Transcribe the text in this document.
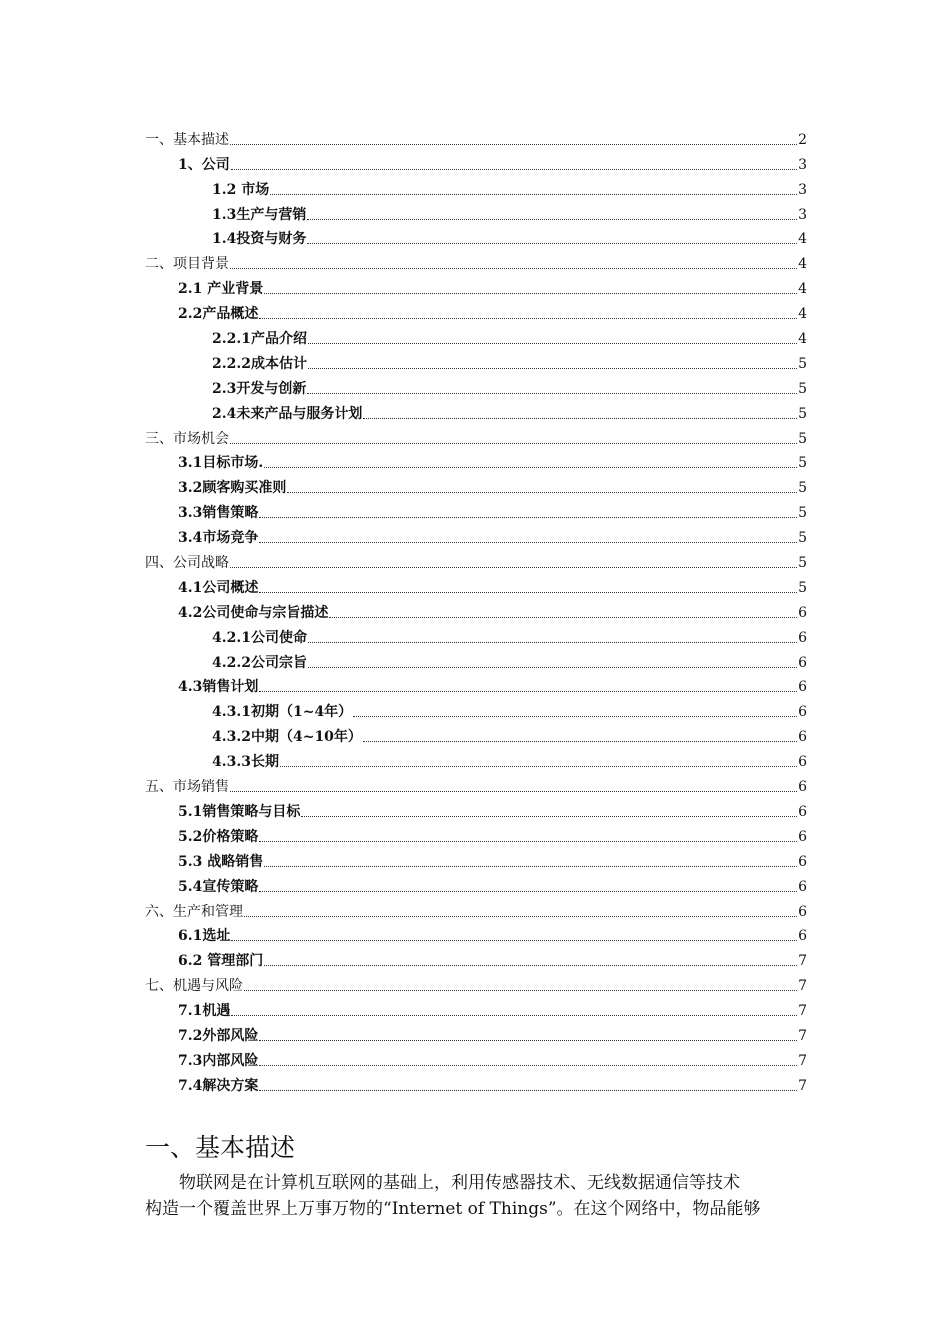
一、基本描述	2
1、公司	3
1.2 市场	3
1.3生产与营销	3
1.4投资与财务	4
二、项目背景	4
2.1 产业背景	4
2.2产品概述	4
2.2.1产品介绍	4
2.2.2成本估计	5
2.3开发与创新	5
2.4未来产品与服务计划	5
三、市场机会	5
3.1目标市场.	5
3.2顾客购买准则	5
3.3销售策略	5
3.4市场竞争	5
四、公司战略	5
4.1公司概述	5
4.2公司使命与宗旨描述	6
4.2.1公司使命	6
4.2.2公司宗旨	6
4.3销售计划	6
4.3.1初期（1~4年）	6
4.3.2中期（4~10年）	6
4.3.3长期	6
五、市场销售	6
5.1销售策略与目标	6
5.2价格策略	6
5.3 战略销售	6
5.4宣传策略	6
六、生产和管理	6
6.1选址	6
6.2 管理部门	7
七、机遇与风险	7
7.1机遇	7
7.2外部风险	7
7.3内部风险	7
7.4解决方案	7
一、基本描述

物联网是在计算机互联网的基础上，利用传感器技术、无线数据通信等技术

构造一个覆盖世界上万事万物的“Internet of Things”。在这个网络中，物品能够
